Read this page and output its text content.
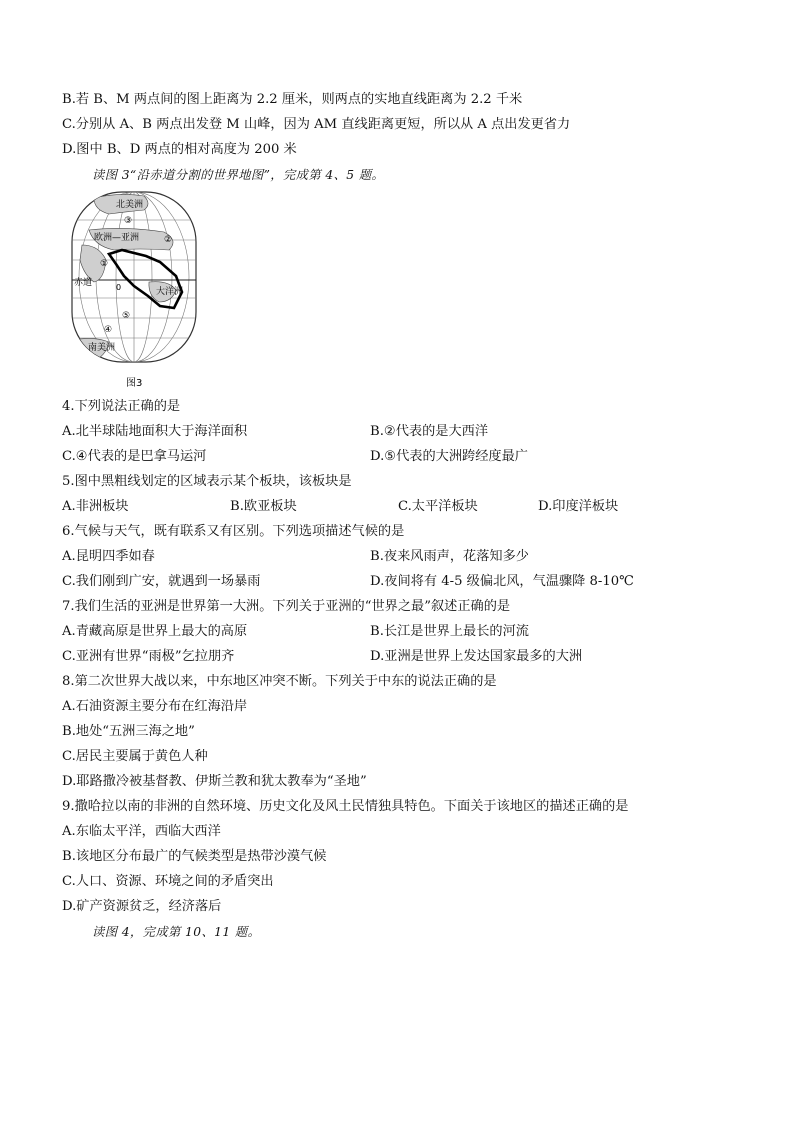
B.若 B、M 两点间的图上距离为 2.2 厘米，则两点的实地直线距离为 2.2 千米
C.分别从 A、B 两点出发登 M 山峰，因为 AM 直线距离更短，所以从 A 点出发更省力
D.图中 B、D 两点的相对高度为 200 米
读图 3“沿赤道分割的世界地图”，完成第 4、5 题。
北美洲
③
欧洲—亚洲	②
①
赤道	0	大洋洲
⑤
④
南美洲
图3
4.下列说法正确的是
A.北半球陆地面积大于海洋面积	B.②代表的是大西洋
C.④代表的是巴拿马运河	D.⑤代表的大洲跨经度最广
5.图中黑粗线划定的区域表示某个板块，该板块是
A.非洲板块	B.欧亚板块	C.太平洋板块	D.印度洋板块
6.气候与天气，既有联系又有区别。下列选项描述气候的是
A.昆明四季如春	B.夜来风雨声，花落知多少
C.我们刚到广安，就遇到一场暴雨	D.夜间将有 4-5 级偏北风，气温骤降 8-10℃
7.我们生活的亚洲是世界第一大洲。下列关于亚洲的“世界之最”叙述正确的是
A.青藏高原是世界上最大的高原	B.长江是世界上最长的河流
C.亚洲有世界“雨极”乞拉朋齐	D.亚洲是世界上发达国家最多的大洲
8.第二次世界大战以来，中东地区冲突不断。下列关于中东的说法正确的是
A.石油资源主要分布在红海沿岸
B.地处“五洲三海之地”
C.居民主要属于黄色人种
D.耶路撒冷被基督教、伊斯兰教和犹太教奉为“圣地”
9.撒哈拉以南的非洲的自然环境、历史文化及风土民情独具特色。下面关于该地区的描述正确的是
A.东临太平洋，西临大西洋
B.该地区分布最广的气候类型是热带沙漠气候
C.人口、资源、环境之间的矛盾突出
D.矿产资源贫乏，经济落后
读图 4，完成第 10、11 题。
